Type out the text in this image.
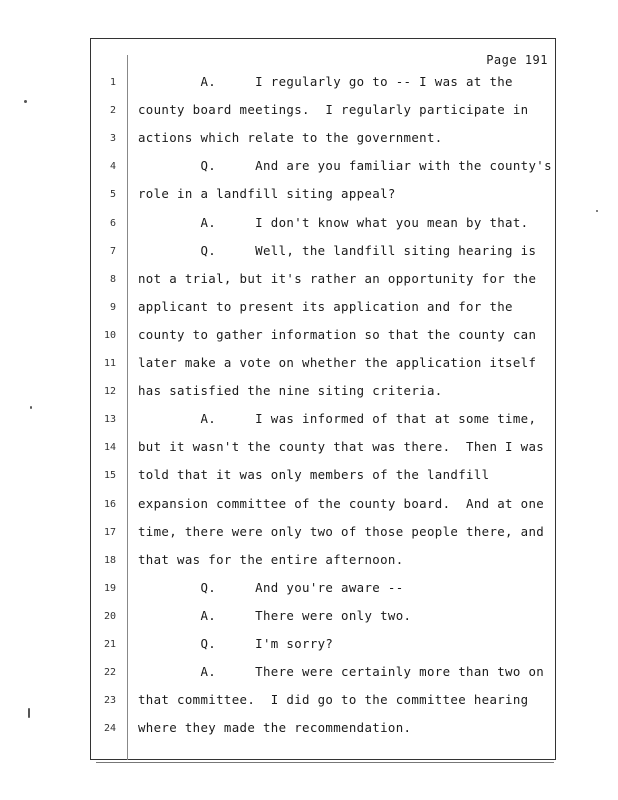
Page 191
1 A.     I regularly go to -- I was at the
2 county board meetings.  I regularly participate in
3 actions which relate to the government.
4 Q.     And are you familiar with the county's
5 role in a landfill siting appeal?
6 A.     I don't know what you mean by that.
7 Q.     Well, the landfill siting hearing is
8 not a trial, but it's rather an opportunity for the
9 applicant to present its application and for the
10 county to gather information so that the county can
11 later make a vote on whether the application itself
12 has satisfied the nine siting criteria.
13 A.     I was informed of that at some time,
14 but it wasn't the county that was there.  Then I was
15 told that it was only members of the landfill
16 expansion committee of the county board.  And at one
17 time, there were only two of those people there, and
18 that was for the entire afternoon.
19 Q.     And you're aware --
20 A.     There were only two.
21 Q.     I'm sorry?
22 A.     There were certainly more than two on
23 that committee.  I did go to the committee hearing
24 where they made the recommendation.
